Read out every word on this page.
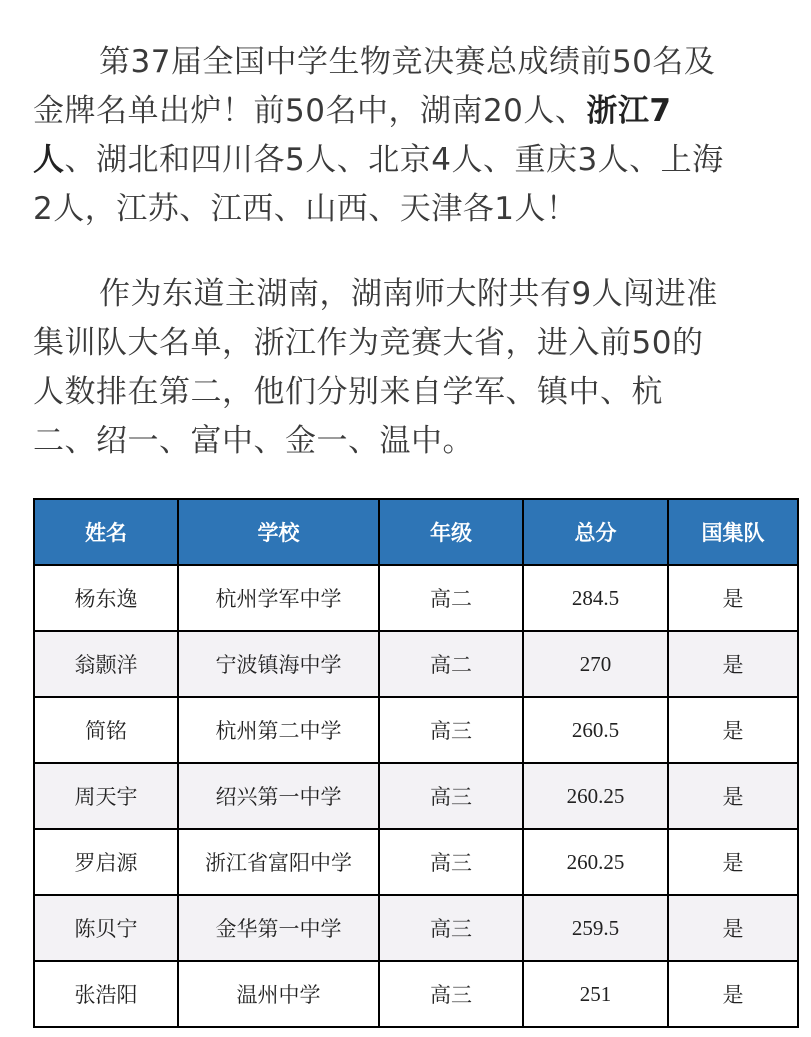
第37届全国中学生物竞决赛总成绩前50名及
金牌名单出炉！前50名中，湖南20人、浙江7
人、湖北和四川各5人、北京4人、重庆3人、上海
2人，江苏、江西、山西、天津各1人！
作为东道主湖南，湖南师大附共有9人闯进准
集训队大名单，浙江作为竞赛大省，进入前50的
人数排在第二，他们分别来自学军、镇中、杭
二、绍一、富中、金一、温中。
姓名	学校	年级	总分	国集队
杨东逸	杭州学军中学	高二	284.5	是
翁颢洋	宁波镇海中学	高二	270	是
简铭	杭州第二中学	高三	260.5	是
周天宇	绍兴第一中学	高三	260.25	是
罗启源	浙江省富阳中学	高三	260.25	是
陈贝宁	金华第一中学	高三	259.5	是
张浩阳	温州中学	高三	251	是
